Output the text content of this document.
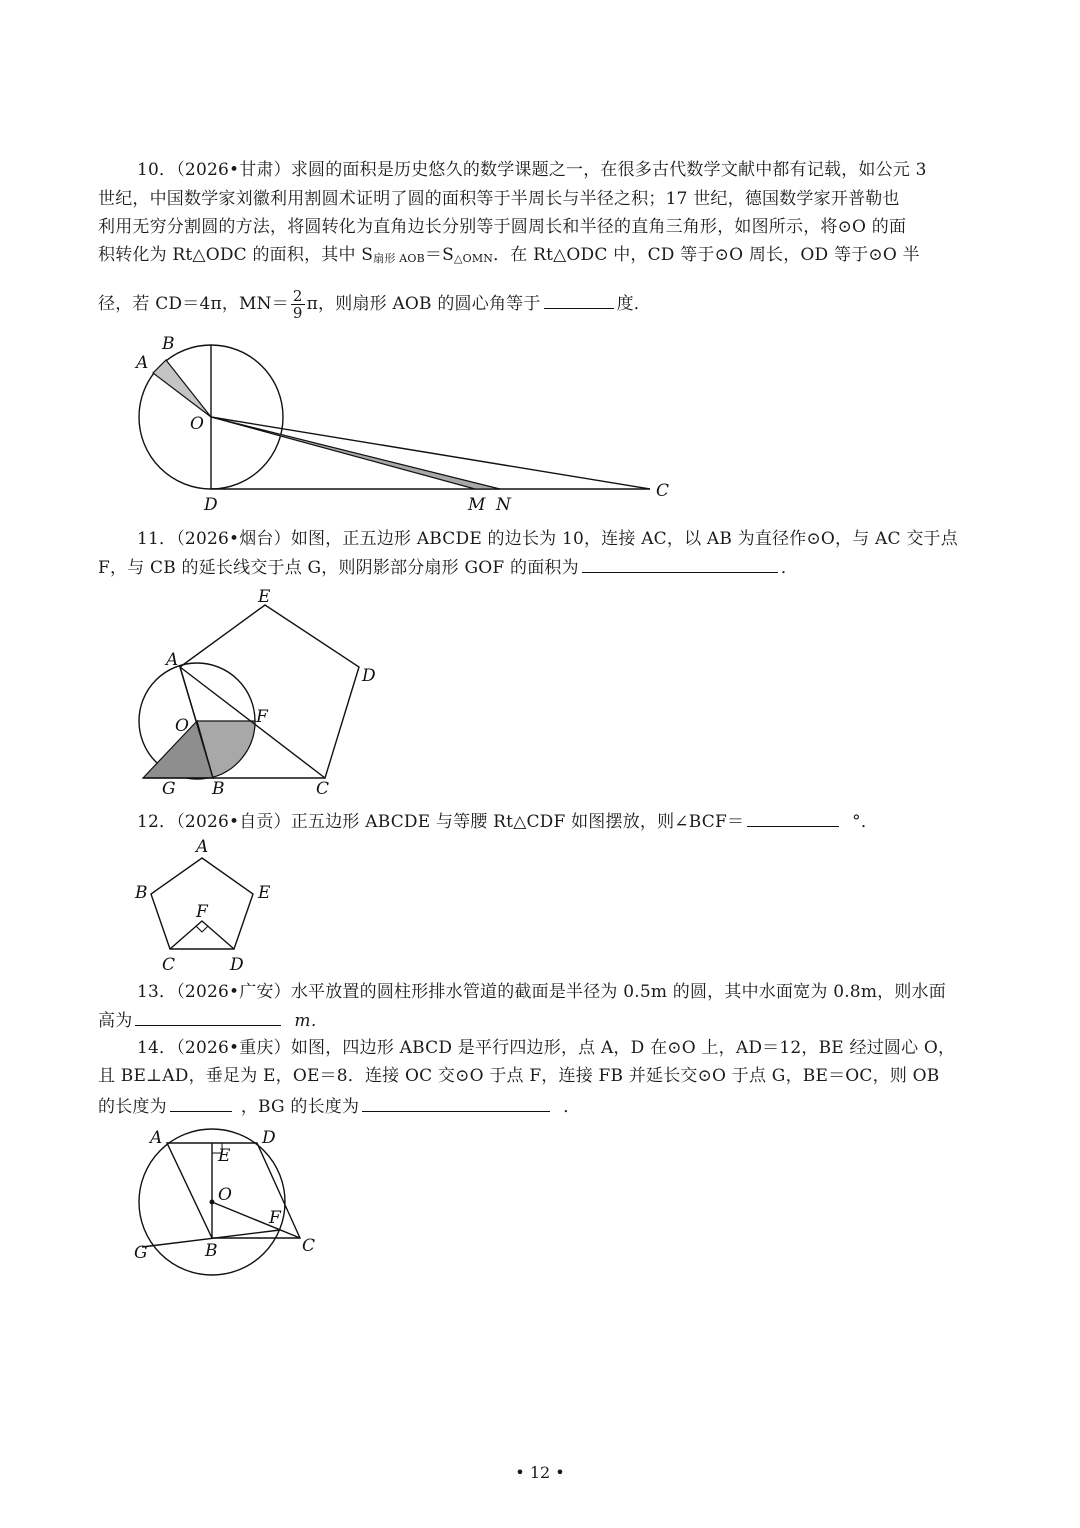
10．（2026•甘肃）求圆的面积是历史悠久的数学课题之一，在很多古代数学文献中都有记载，如公元 3
世纪，中国数学家刘徽利用割圆术证明了圆的面积等于半周长与半径之积；17 世纪，德国数学家开普勒也
利用无穷分割圆的方法，将圆转化为直角边长分别等于圆周长和半径的直角三角形，如图所示，将⊙O 的面
积转化为 Rt△ODC 的面积，其中 S扇形 AOB＝S△OMN．在 Rt△ODC 中，CD 等于⊙O 周长，OD 等于⊙O 半
径，若 CD＝4π，$MN= \frac{2}{9}$ π，则扇形 AOB 的圆心角等于	度．
A
B
O
D	M N
C
11．（2026•烟台）如图，正五边形 ABCDE 的边长为 10，连接 AC，以 AB 为直径作⊙O，与 AC 交于点
F，与 CB 的延长线交于点 G，则阴影部分扇形 GOF 的面积为	．
E
A
D
O	F
G B	C
12．（2026•自贡）正五边形 ABCDE 与等腰 Rt△CDF 如图摆放，则∠BCF＝	°．
A
B	E
F
C	D
13．（2026•广安）水平放置的圆柱形排水管道的截面是半径为 0.5m 的圆，其中水面宽为 0.8m，则水面
高为	m．
14．（2026•重庆）如图，四边形 ABCD 是平行四边形，点 A，D 在⊙O 上，AD＝12，BE 经过圆心 O，
且 BE⊥AD，垂足为 E，OE＝8．连接 OC 交⊙O 于点 F，连接 FB 并延长交⊙O 于点 G，BE＝OC，则 OB
的长度为	，BG 的长度为	．
A	D
E
O
F
G	B	C
• 12 •
